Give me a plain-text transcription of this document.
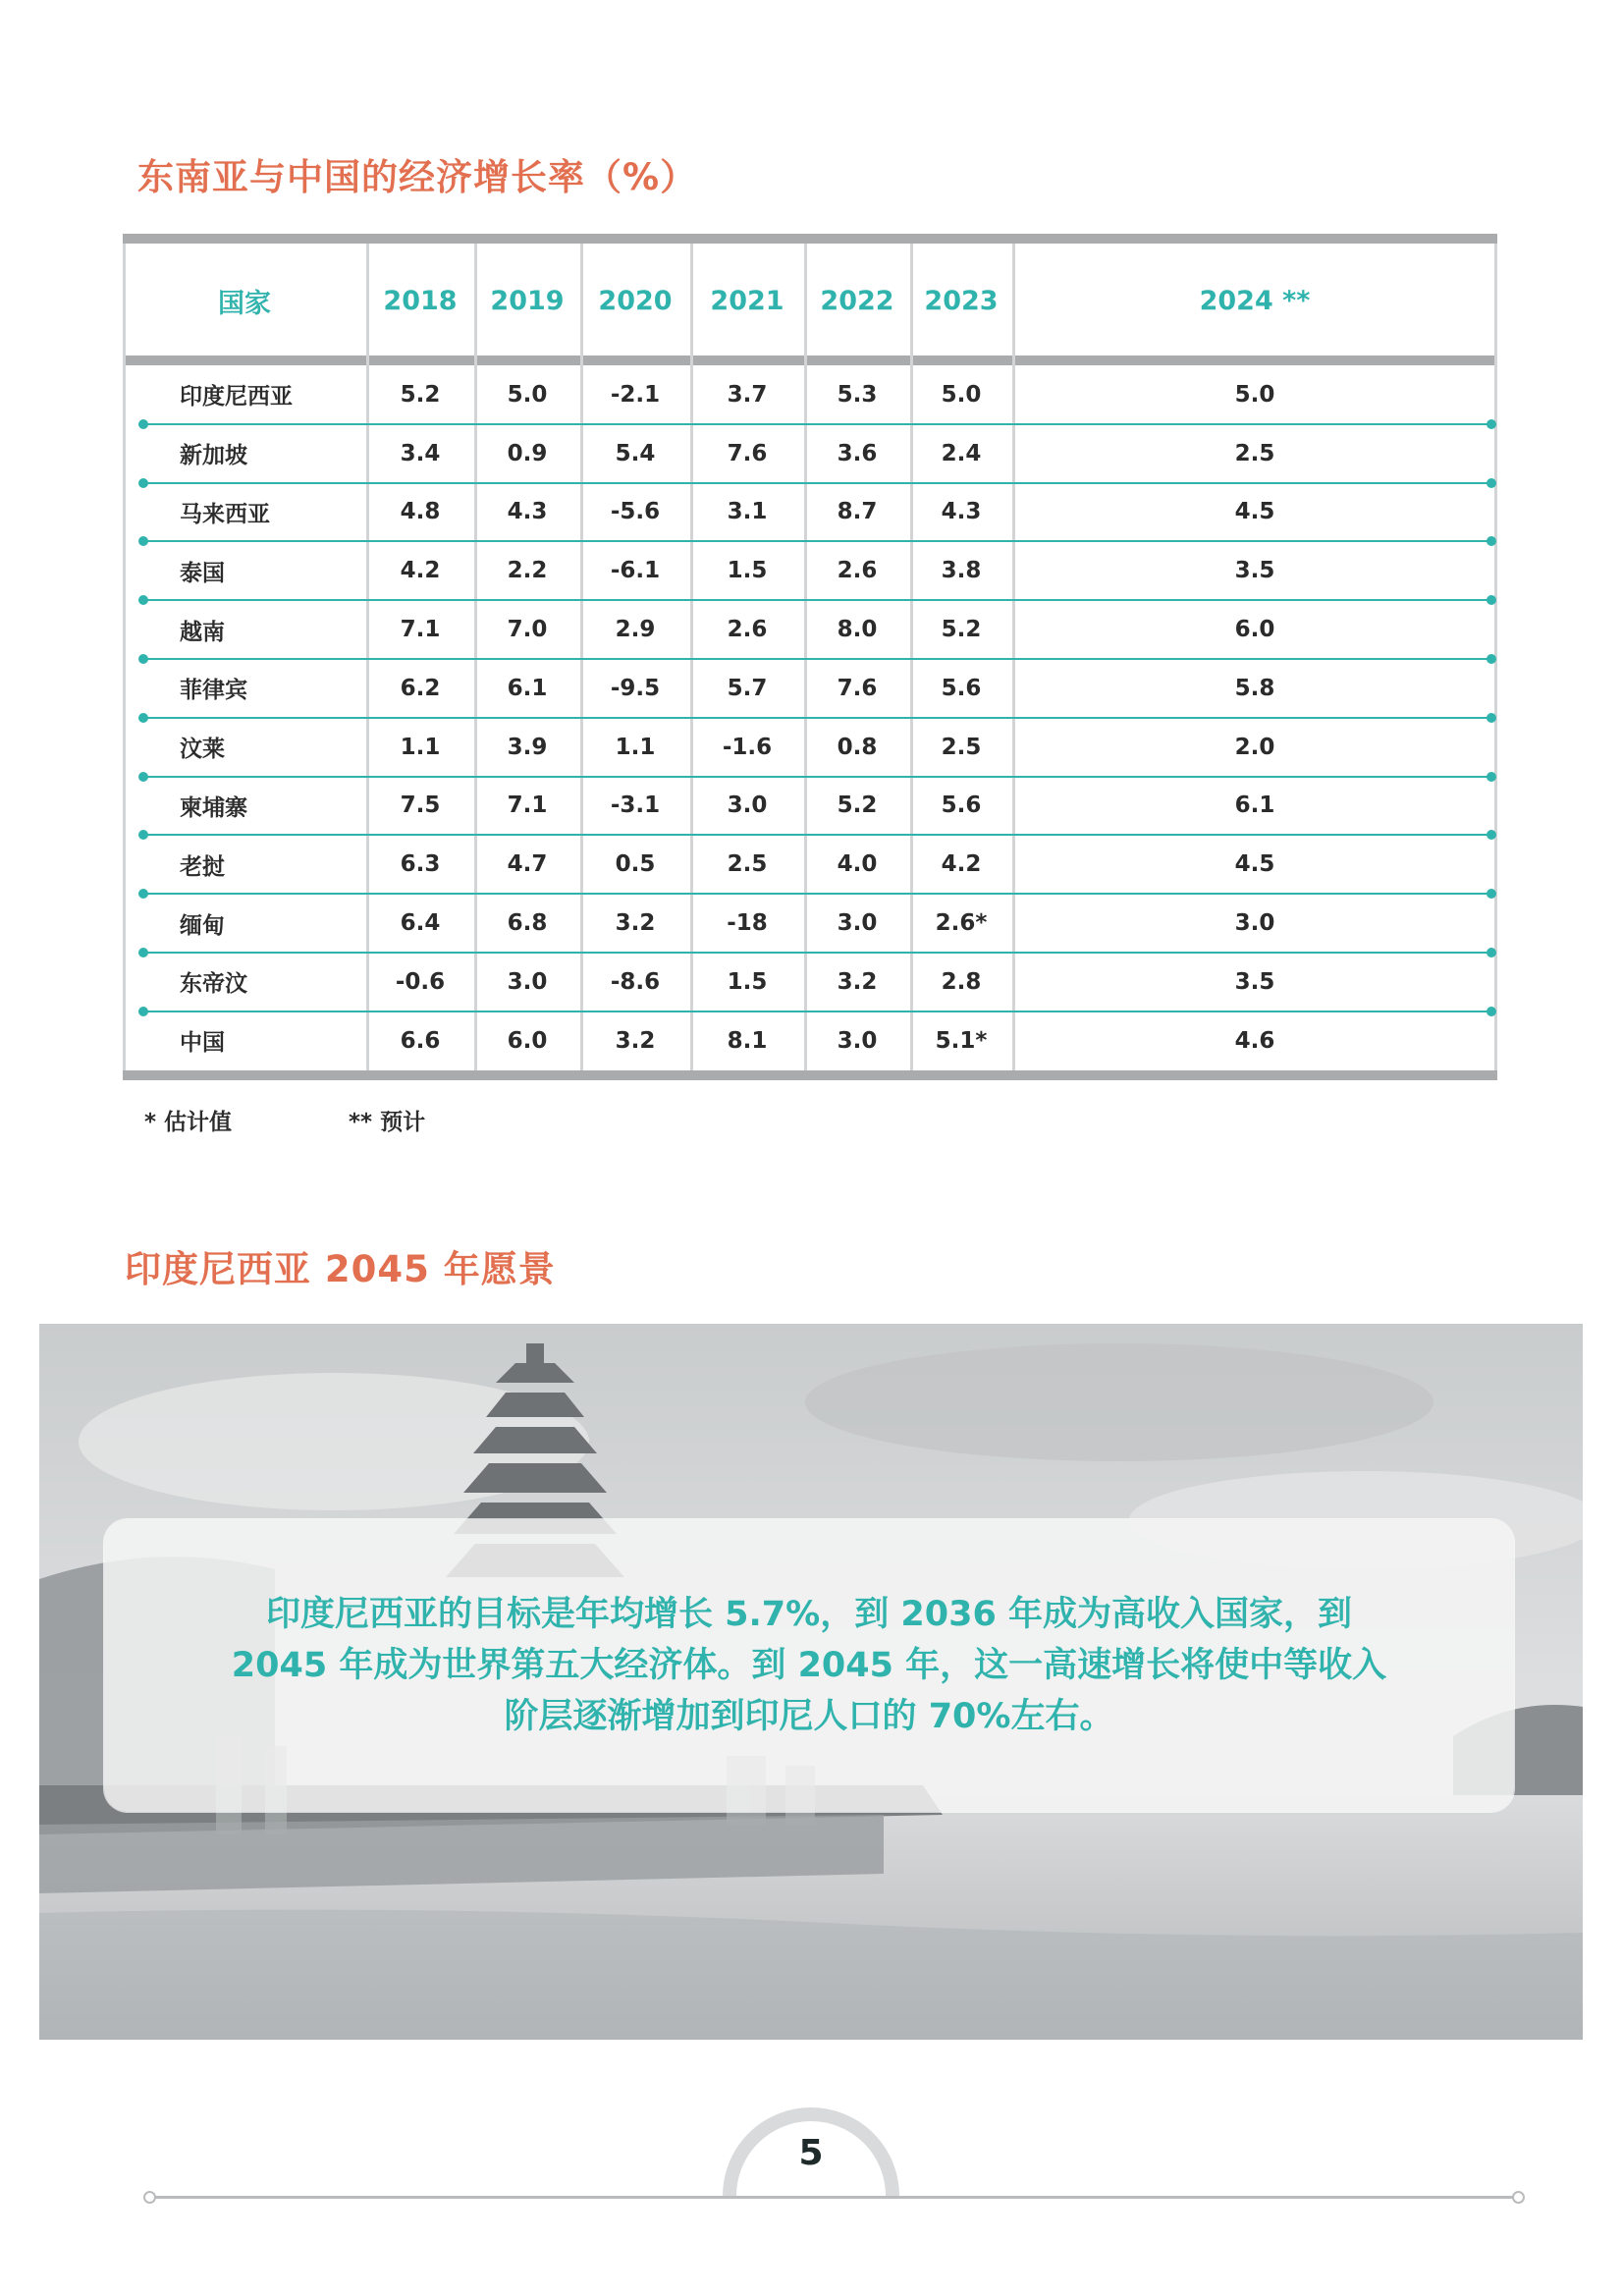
东南亚与中国的经济增长率（%）
国家	2018	2019	2020	2021	2022	2023	2024 **
印度尼西亚	5.2	5.0	-2.1	3.7	5.3	5.0	5.0
新加坡	3.4	0.9	5.4	7.6	3.6	2.4	2.5
马来西亚	4.8	4.3	-5.6	3.1	8.7	4.3	4.5
泰国	4.2	2.2	-6.1	1.5	2.6	3.8	3.5
越南	7.1	7.0	2.9	2.6	8.0	5.2	6.0
菲律宾	6.2	6.1	-9.5	5.7	7.6	5.6	5.8
汶莱	1.1	3.9	1.1	-1.6	0.8	2.5	2.0
柬埔寨	7.5	7.1	-3.1	3.0	5.2	5.6	6.1
老挝	6.3	4.7	0.5	2.5	4.0	4.2	4.5
缅甸	6.4	6.8	3.2	-18	3.0	2.6*	3.0
东帝汶	-0.6	3.0	-8.6	1.5	3.2	2.8	3.5
中国	6.6	6.0	3.2	8.1	3.0	5.1*	4.6
* 估计值	** 预计
印度尼西亚 2045 年愿景

印度尼西亚的目标是年均增长 5.7%，到 2036 年成为高收入国家，到 2045 年成为世界第五大经济体。到 2045 年，这一高速增长将使中等收入阶层逐渐增加到印尼人口的 70%左右。

5
